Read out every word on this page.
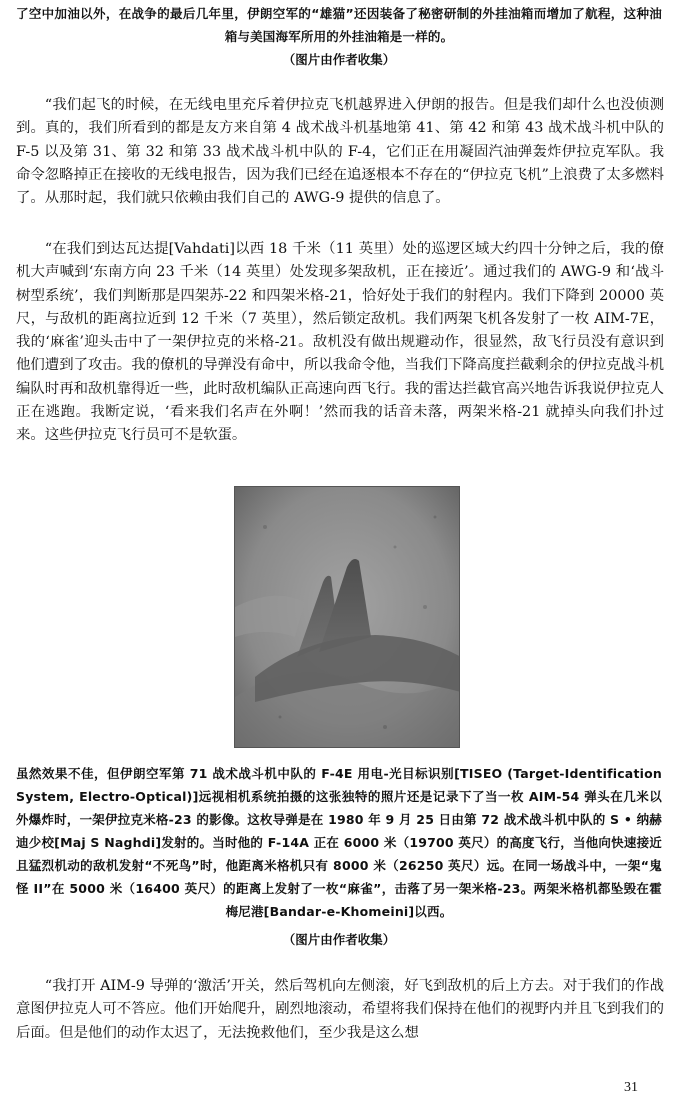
了空中加油以外，在战争的最后几年里，伊朗空军的“雄猫”还因装备了秘密研制的外挂油箱而增加了航程，这种油箱与美国海军所用的外挂油箱是一样的。
（图片由作者收集）

“我们起飞的时候，在无线电里充斥着伊拉克飞机越界进入伊朗的报告。但是我们却什么也没侦测到。真的，我们所看到的都是友方来自第 4 战术战斗机基地第 41、第 42 和第 43 战术战斗机中队的 F-5 以及第 31、第 32 和第 33 战术战斗机中队的 F-4，它们正在用凝固汽油弹轰炸伊拉克军队。我命令忽略掉正在接收的无线电报告，因为我们已经在追逐根本不存在的“伊拉克飞机”上浪费了太多燃料了。从那时起，我们就只依赖由我们自己的 AWG-9 提供的信息了。

“在我们到达瓦达提[Vahdati]以西 18 千米（11 英里）处的巡逻区域大约四十分钟之后，我的僚机大声喊到‘东南方向 23 千米（14 英里）处发现多架敌机，正在接近’。通过我们的 AWG-9 和‘战斗树型系统’，我们判断那是四架苏-22 和四架米格-21，恰好处于我们的射程内。我们下降到 20000 英尺，与敌机的距离拉近到 12 千米（7 英里），然后锁定敌机。我们两架飞机各发射了一枚 AIM-7E，我的‘麻雀’迎头击中了一架伊拉克的米格-21。敌机没有做出规避动作，很显然，敌飞行员没有意识到他们遭到了攻击。我的僚机的导弹没有命中，所以我命令他，当我们下降高度拦截剩余的伊拉克战斗机编队时再和敌机靠得近一些，此时敌机编队正高速向西飞行。我的雷达拦截官高兴地告诉我说伊拉克人正在逃跑。我断定说，‘看来我们名声在外啊！’然而我的话音未落，两架米格-21 就掉头向我们扑过来。这些伊拉克飞行员可不是软蛋。

虽然效果不佳，但伊朗空军第 71 战术战斗机中队的 F-4E 用电-光目标识别[TISEO (Target-Identification System, Electro-Optical)]远视相机系统拍摄的这张独特的照片还是记录下了当一枚 AIM-54 弹头在几米以外爆炸时，一架伊拉克米格-23 的影像。这枚导弹是在 1980 年 9 月 25 日由第 72 战术战斗机中队的 S • 纳赫迪少校[Maj S Naghdi]发射的。当时他的 F-14A 正在 6000 米（19700 英尺）的高度飞行，当他向快速接近且猛烈机动的敌机发射“不死鸟”时，他距离米格机只有 8000 米（26250 英尺）远。在同一场战斗中，一架“鬼怪 II”在 5000 米（16400 英尺）的距离上发射了一枚“麻雀”，击落了另一架米格-23。两架米格机都坠毁在霍梅尼港[Bandar-e-Khomeini]以西。
（图片由作者收集）

“我打开 AIM-9 导弹的‘激活’开关，然后驾机向左侧滚，好飞到敌机的后上方去。对于我们的作战意图伊拉克人可不答应。他们开始爬升，剧烈地滚动，希望将我们保持在他们的视野内并且飞到我们的后面。但是他们的动作太迟了，无法挽救他们，至少我是这么想

31
